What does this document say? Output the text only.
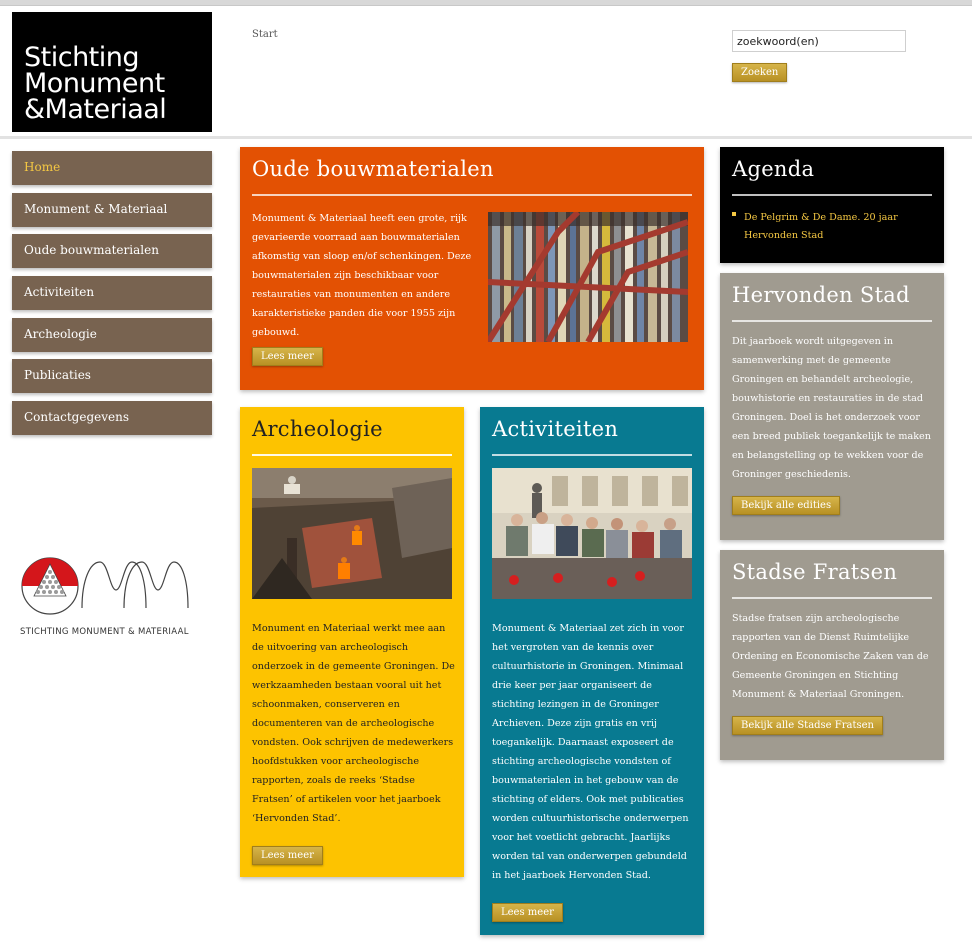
Stichting
Monument
&Materiaal
Start
zoekwoord(en)
Zoeken
Home
Monument & Materiaal
Oude bouwmaterialen
Activiteiten
Archeologie
Publicaties
Contactgegevens
STICHTING MONUMENT & MATERIAAL
Oude bouwmaterialen

Monument & Materiaal heeft een grote, rijk gevarieerde voorraad aan bouwmaterialen afkomstig van sloop en/of schenkingen. Deze bouwmaterialen zijn beschikbaar voor restauraties van monumenten en andere karakteristieke panden die voor 1955 zijn gebouwd.

Lees meer
Archeologie

Monument en Materiaal werkt mee aan de uitvoering van archeologisch onderzoek in de gemeente Groningen. De werkzaamheden bestaan vooral uit het schoonmaken, conserveren en documenteren van de archeologische vondsten. Ook schrijven de medewerkers hoofdstukken voor archeologische rapporten, zoals de reeks ‘Stadse Fratsen’ of artikelen voor het jaarboek ‘Hervonden Stad’.

Lees meer
Activiteiten

Monument & Materiaal zet zich in voor het vergroten van de kennis over cultuurhistorie in Groningen. Minimaal drie keer per jaar organiseert de stichting lezingen in de Groninger Archieven. Deze zijn gratis en vrij toegankelijk. Daarnaast exposeert de stichting archeologische vondsten of bouwmaterialen in het gebouw van de stichting of elders. Ook met publicaties worden cultuurhistorische onderwerpen voor het voetlicht gebracht. Jaarlijks worden tal van onderwerpen gebundeld in het jaarboek Hervonden Stad.

Lees meer
Agenda
De Pelgrim & De Dame. 20 jaar Hervonden Stad
Hervonden Stad

Dit jaarboek wordt uitgegeven in samenwerking met de gemeente Groningen en behandelt archeologie, bouwhistorie en restauraties in de stad Groningen. Doel is het onderzoek voor een breed publiek toegankelijk te maken en belangstelling op te wekken voor de Groninger geschiedenis.

Bekijk alle edities
Stadse Fratsen

Stadse fratsen zijn archeologische rapporten van de Dienst Ruimtelijke Ordening en Economische Zaken van de Gemeente Groningen en Stichting Monument & Materiaal Groningen.

Bekijk alle Stadse Fratsen
